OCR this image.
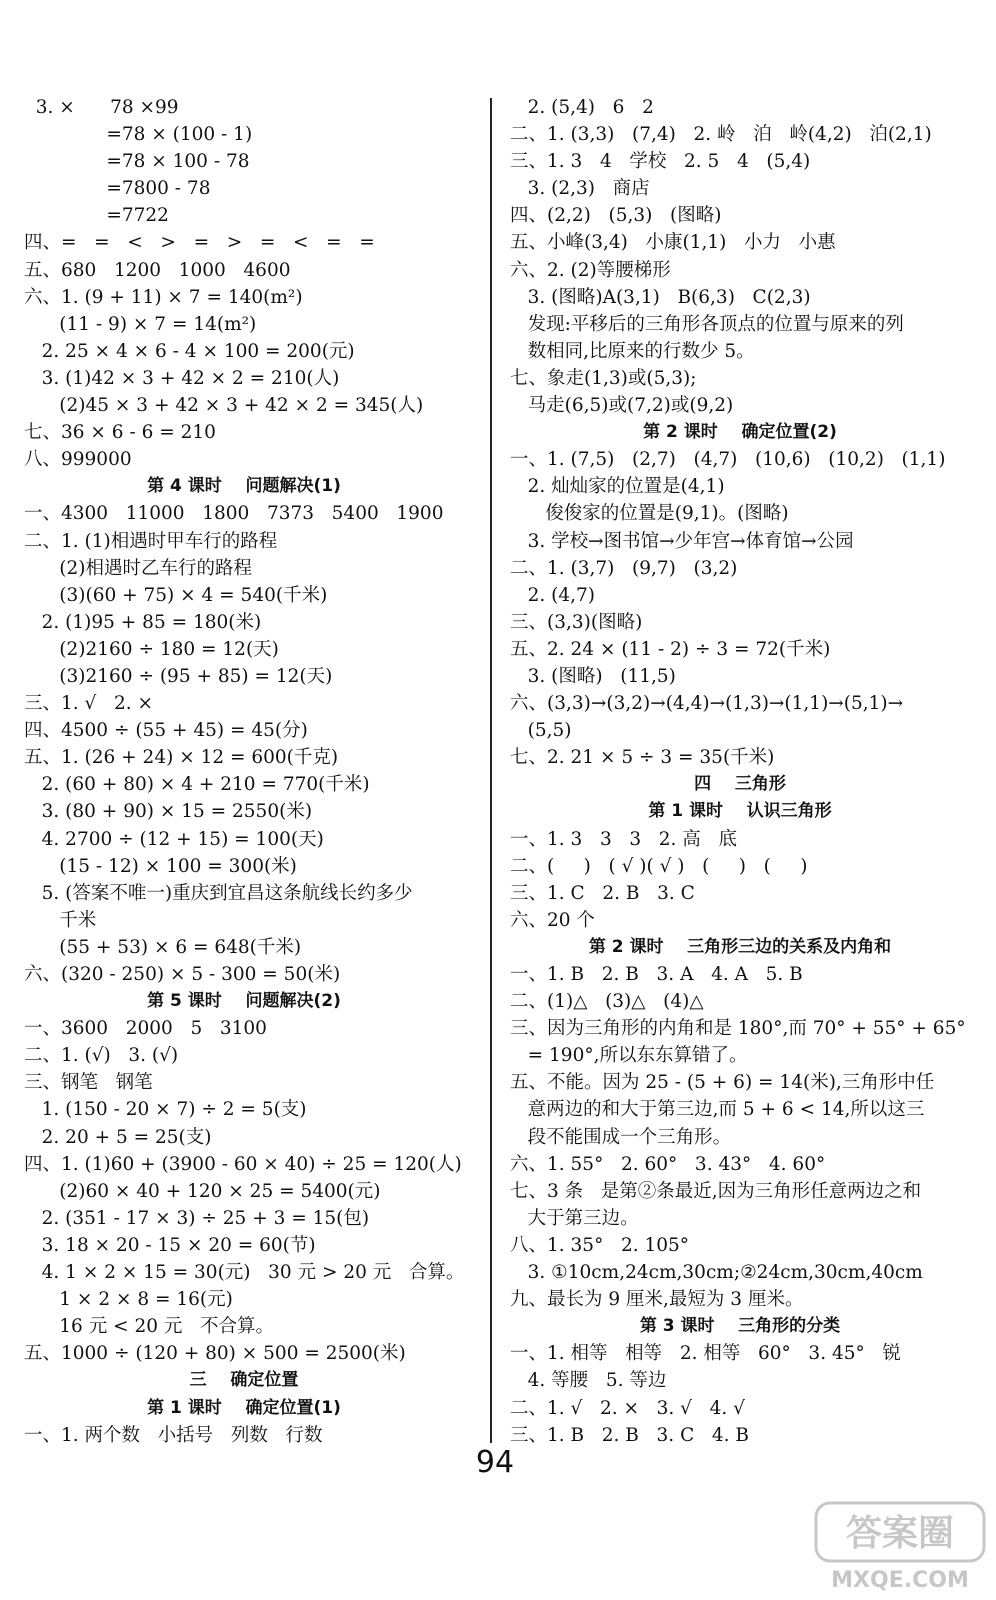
3. ×      78 ×99
=78 × (100 - 1)
=78 × 100 - 78
=7800 - 78
=7722
四、=   =   <   >   =   >   =   <   =   =
五、680   1200   1000   4600
六、1. (9 + 11) × 7 = 140(m²)
(11 - 9) × 7 = 14(m²)
2. 25 × 4 × 6 - 4 × 100 = 200(元)
3. (1)42 × 3 + 42 × 2 = 210(人)
(2)45 × 3 + 42 × 3 + 42 × 2 = 345(人)
七、36 × 6 - 6 = 210
八、999000
第 4 课时    问题解决(1)
一、4300   11000   1800   7373   5400   1900
二、1. (1)相遇时甲车行的路程
(2)相遇时乙车行的路程
(3)(60 + 75) × 4 = 540(千米)
2. (1)95 + 85 = 180(米)
(2)2160 ÷ 180 = 12(天)
(3)2160 ÷ (95 + 85) = 12(天)
三、1. √   2. ×
四、4500 ÷ (55 + 45) = 45(分)
五、1. (26 + 24) × 12 = 600(千克)
2. (60 + 80) × 4 + 210 = 770(千米)
3. (80 + 90) × 15 = 2550(米)
4. 2700 ÷ (12 + 15) = 100(天)
(15 - 12) × 100 = 300(米)
5. (答案不唯一)重庆到宜昌这条航线长约多少
千米
(55 + 53) × 6 = 648(千米)
六、(320 - 250) × 5 - 300 = 50(米)
第 5 课时    问题解决(2)
一、3600   2000   5   3100
二、1. (√)   3. (√)
三、钢笔   钢笔
1. (150 - 20 × 7) ÷ 2 = 5(支)
2. 20 + 5 = 25(支)
四、1. (1)60 + (3900 - 60 × 40) ÷ 25 = 120(人)
(2)60 × 40 + 120 × 25 = 5400(元)
2. (351 - 17 × 3) ÷ 25 + 3 = 15(包)
3. 18 × 20 - 15 × 20 = 60(节)
4. 1 × 2 × 15 = 30(元)   30 元 > 20 元   合算。
1 × 2 × 8 = 16(元)
16 元 < 20 元   不合算。
五、1000 ÷ (120 + 80) × 500 = 2500(米)
三    确定位置
第 1 课时    确定位置(1)
一、1. 两个数   小括号   列数   行数
2. (5,4)   6   2
二、1. (3,3)   (7,4)   2. 岭   泊   岭(4,2)   泊(2,1)
三、1. 3   4   学校   2. 5   4   (5,4)
3. (2,3)   商店
四、(2,2)   (5,3)   (图略)
五、小峰(3,4)   小康(1,1)   小力   小惠
六、2. (2)等腰梯形
3. (图略)A(3,1)   B(6,3)   C(2,3)
发现:平移后的三角形各顶点的位置与原来的列
数相同,比原来的行数少 5。
七、象走(1,3)或(5,3);
马走(6,5)或(7,2)或(9,2)
第 2 课时    确定位置(2)
一、1. (7,5)   (2,7)   (4,7)   (10,6)   (10,2)   (1,1)
2. 灿灿家的位置是(4,1)
俊俊家的位置是(9,1)。(图略)
3. 学校→图书馆→少年宫→体育馆→公园
二、1. (3,7)   (9,7)   (3,2)
2. (4,7)
三、(3,3)(图略)
五、2. 24 × (11 - 2) ÷ 3 = 72(千米)
3. (图略)   (11,5)
六、(3,3)→(3,2)→(4,4)→(1,3)→(1,1)→(5,1)→
(5,5)
七、2. 21 × 5 ÷ 3 = 35(千米)
四    三角形
第 1 课时    认识三角形
一、1. 3   3   3   2. 高   底
二、(     )   ( √ )( √ )   (     )   (     )
三、1. C   2. B   3. C
六、20 个
第 2 课时    三角形三边的关系及内角和
一、1. B   2. B   3. A   4. A   5. B
二、(1)△   (3)△   (4)△
三、因为三角形的内角和是 180°,而 70° + 55° + 65°
= 190°,所以东东算错了。
五、不能。因为 25 - (5 + 6) = 14(米),三角形中任
意两边的和大于第三边,而 5 + 6 < 14,所以这三
段不能围成一个三角形。
六、1. 55°   2. 60°   3. 43°   4. 60°
七、3 条   是第②条最近,因为三角形任意两边之和
大于第三边。
八、1. 35°   2. 105°
3. ①10cm,24cm,30cm;②24cm,30cm,40cm
九、最长为 9 厘米,最短为 3 厘米。
第 3 课时    三角形的分类
一、1. 相等   相等   2. 相等   60°   3. 45°   锐
4. 等腰   5. 等边
二、1. √   2. ×   3. √   4. √
三、1. B   2. B   3. C   4. B
94
答案圈
MXQE.COM
